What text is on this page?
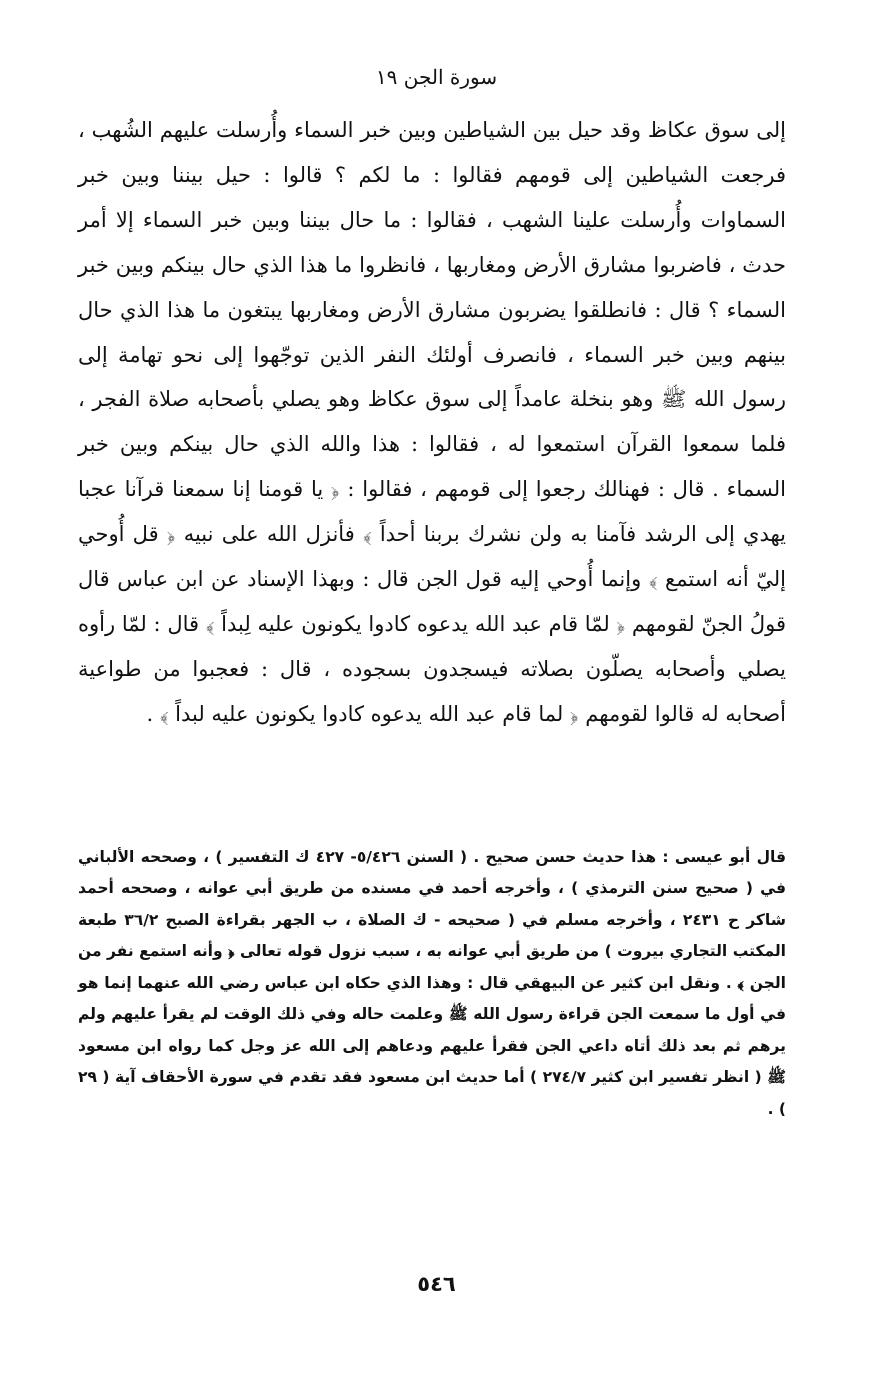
سورة الجن ١٩

إلى سوق عكاظ وقد حيل بين الشياطين وبين خبر السماء وأُرسلت عليهم الشُهب ، فرجعت الشياطين إلى قومهم فقالوا : ما لكم ؟ قالوا : حيل بيننا وبين خبر السماوات وأُرسلت علينا الشهب ، فقالوا : ما حال بيننا وبين خبر السماء إلا أمر حدث ، فاضربوا مشارق الأرض ومغاربها ، فانظروا ما هذا الذي حال بينكم وبين خبر السماء ؟ قال : فانطلقوا يضربون مشارق الأرض ومغاربها يبتغون ما هذا الذي حال بينهم وبين خبر السماء ، فانصرف أولئك النفر الذين توجّهوا إلى نحو تهامة إلى رسول الله ﷺ وهو بنخلة عامداً إلى سوق عكاظ وهو يصلي بأصحابه صلاة الفجر ، فلما سمعوا القرآن استمعوا له ، فقالوا : هذا والله الذي حال بينكم وبين خبر السماء . قال : فهنالك رجعوا إلى قومهم ، فقالوا : ﴿ يا قومنا إنا سمعنا قرآنا عجبا يهدي إلى الرشد فآمنا به ولن نشرك بربنا أحداً ﴾ فأنزل الله على نبيه ﴿ قل أُوحي إليّ أنه استمع ﴾ وإنما أُوحي إليه قول الجن قال : وبهذا الإسناد عن ابن عباس قال قولُ الجنّ لقومهم ﴿ لمّا قام عبد الله يدعوه كادوا يكونون عليه لِبداً ﴾ قال : لمّا رأوه يصلي وأصحابه يصلّون بصلاته فيسجدون بسجوده ، قال : فعجبوا من طواعية أصحابه له قالوا لقومهم ﴿ لما قام عبد الله يدعوه كادوا يكونون عليه لبداً ﴾ .

قال أبو عيسى : هذا حديث حسن صحيح . ( السنن ٥/٤٢٦- ٤٢٧ ك التفسير ) ، وصححه الألباني في ( صحيح سنن الترمذي ) ، وأخرجه أحمد في مسنده من طريق أبي عوانه ، وصححه أحمد شاكر ح ٢٤٣١ ، وأخرجه مسلم في ( صحيحه - ك الصلاة ، ب الجهر بقراءة الصبح ٣٦/٢ طبعة المكتب التجاري بيروت ) من طريق أبي عوانه به ، سبب نزول قوله تعالى ﴿ وأنه استمع نفر من الجن ﴾ . ونقل ابن كثير عن البيهقي قال : وهذا الذي حكاه ابن عباس رضي الله عنهما إنما هو في أول ما سمعت الجن قراءة رسول الله ﷺ وعلمت حاله وفي ذلك الوقت لم يقرأ عليهم ولم يرهم ثم بعد ذلك أتاه داعي الجن فقرأ عليهم ودعاهم إلى الله عز وجل كما رواه ابن مسعود ﷺ ( انظر تفسير ابن كثير ٢٧٤/٧ ) أما حديث ابن مسعود فقد تقدم في سورة الأحقاف آية ( ٢٩ ) .

٥٤٦
